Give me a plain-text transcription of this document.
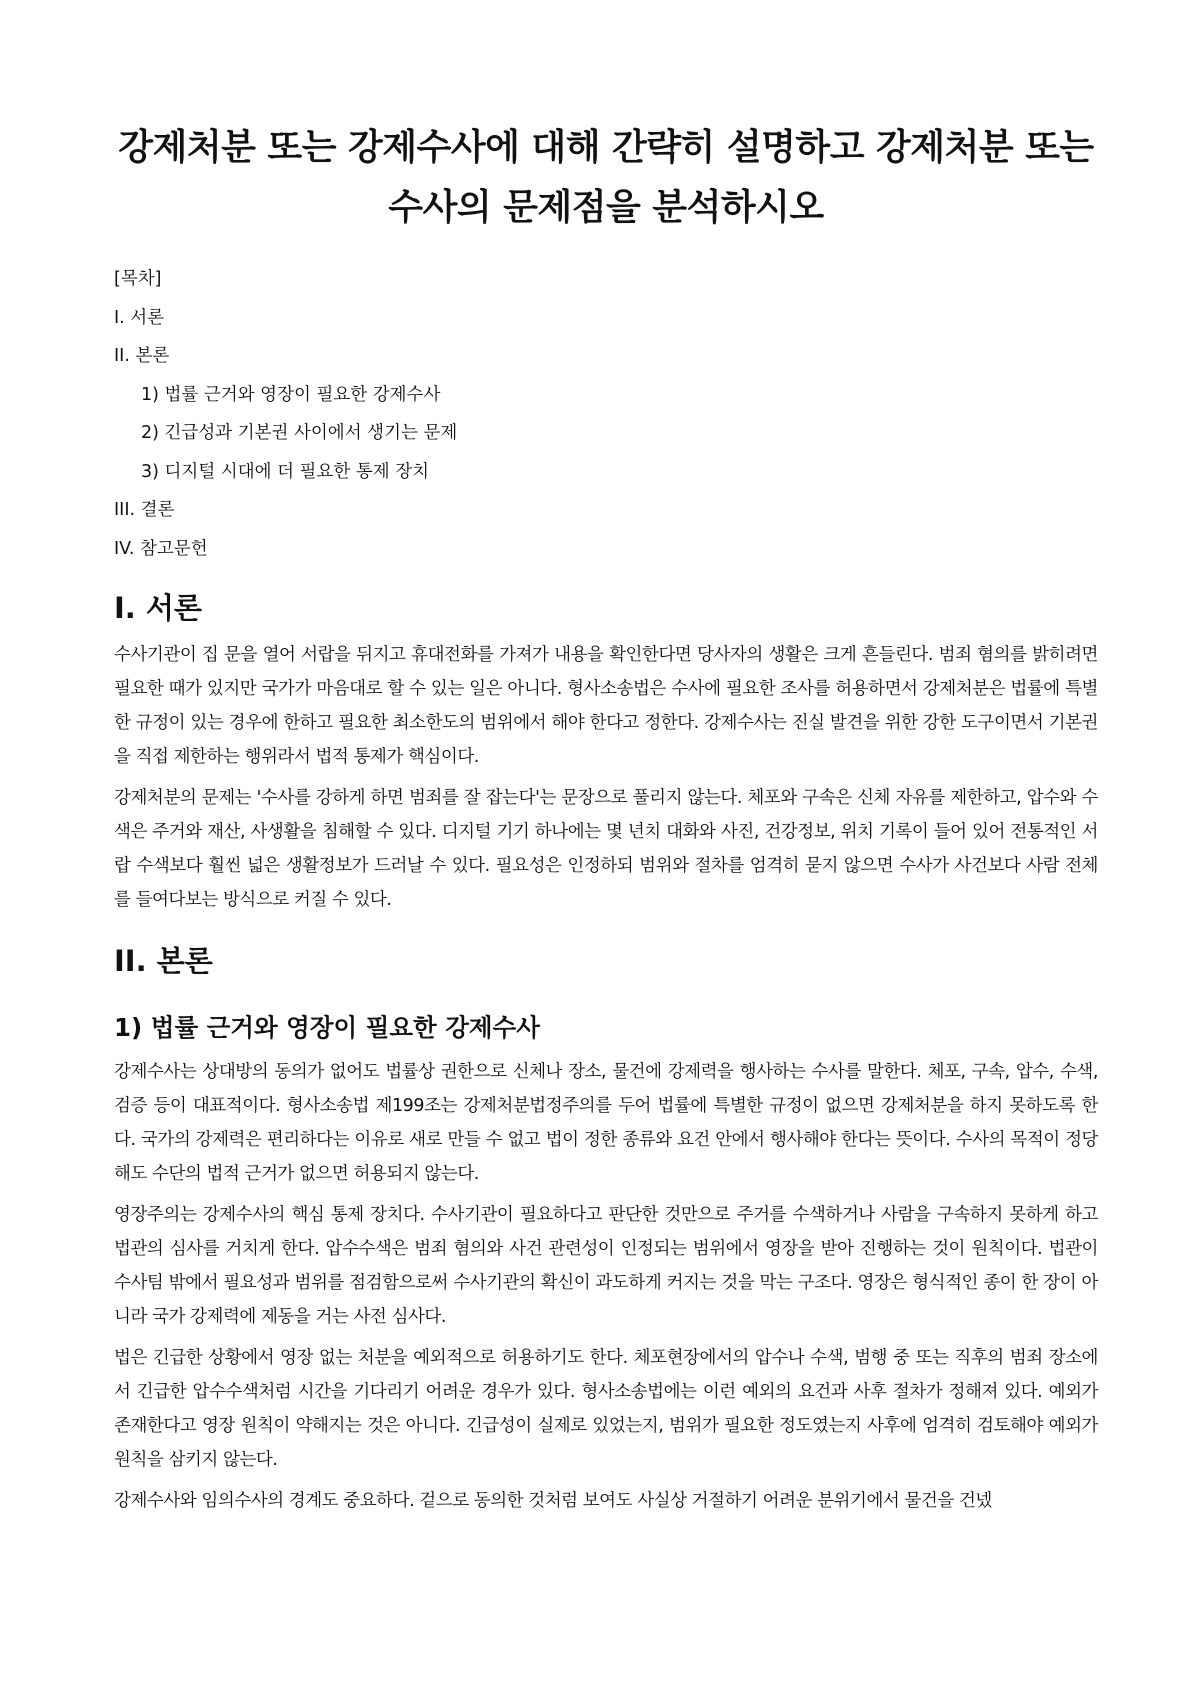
강제처분 또는 강제수사에 대해 간략히 설명하고 강제처분 또는 수사의 문제점을 분석하시오
[목차]
I. 서론
II. 본론
1) 법률 근거와 영장이 필요한 강제수사
2) 긴급성과 기본권 사이에서 생기는 문제
3) 디지털 시대에 더 필요한 통제 장치
III. 결론
IV. 참고문헌
I. 서론

수사기관이 집 문을 열어 서랍을 뒤지고 휴대전화를 가져가 내용을 확인한다면 당사자의 생활은 크게 흔들린다. 범죄 혐의를 밝히려면 필요한 때가 있지만 국가가 마음대로 할 수 있는 일은 아니다. 형사소송법은 수사에 필요한 조사를 허용하면서 강제처분은 법률에 특별한 규정이 있는 경우에 한하고 필요한 최소한도의 범위에서 해야 한다고 정한다. 강제수사는 진실 발견을 위한 강한 도구이면서 기본권을 직접 제한하는 행위라서 법적 통제가 핵심이다.

강제처분의 문제는 '수사를 강하게 하면 범죄를 잘 잡는다'는 문장으로 풀리지 않는다. 체포와 구속은 신체 자유를 제한하고, 압수와 수색은 주거와 재산, 사생활을 침해할 수 있다. 디지털 기기 하나에는 몇 년치 대화와 사진, 건강정보, 위치 기록이 들어 있어 전통적인 서랍 수색보다 훨씬 넓은 생활정보가 드러날 수 있다. 필요성은 인정하되 범위와 절차를 엄격히 묻지 않으면 수사가 사건보다 사람 전체를 들여다보는 방식으로 커질 수 있다.

II. 본론
1) 법률 근거와 영장이 필요한 강제수사

강제수사는 상대방의 동의가 없어도 법률상 권한으로 신체나 장소, 물건에 강제력을 행사하는 수사를 말한다. 체포, 구속, 압수, 수색, 검증 등이 대표적이다. 형사소송법 제199조는 강제처분법정주의를 두어 법률에 특별한 규정이 없으면 강제처분을 하지 못하도록 한다. 국가의 강제력은 편리하다는 이유로 새로 만들 수 없고 법이 정한 종류와 요건 안에서 행사해야 한다는 뜻이다. 수사의 목적이 정당해도 수단의 법적 근거가 없으면 허용되지 않는다.

영장주의는 강제수사의 핵심 통제 장치다. 수사기관이 필요하다고 판단한 것만으로 주거를 수색하거나 사람을 구속하지 못하게 하고 법관의 심사를 거치게 한다. 압수수색은 범죄 혐의와 사건 관련성이 인정되는 범위에서 영장을 받아 진행하는 것이 원칙이다. 법관이 수사팀 밖에서 필요성과 범위를 점검함으로써 수사기관의 확신이 과도하게 커지는 것을 막는 구조다. 영장은 형식적인 종이 한 장이 아니라 국가 강제력에 제동을 거는 사전 심사다.

법은 긴급한 상황에서 영장 없는 처분을 예외적으로 허용하기도 한다. 체포현장에서의 압수나 수색, 범행 중 또는 직후의 범죄 장소에서 긴급한 압수수색처럼 시간을 기다리기 어려운 경우가 있다. 형사소송법에는 이런 예외의 요건과 사후 절차가 정해져 있다. 예외가 존재한다고 영장 원칙이 약해지는 것은 아니다. 긴급성이 실제로 있었는지, 범위가 필요한 정도였는지 사후에 엄격히 검토해야 예외가 원칙을 삼키지 않는다.

강제수사와 임의수사의 경계도 중요하다. 겉으로 동의한 것처럼 보여도 사실상 거절하기 어려운 분위기에서 물건을 건넸
